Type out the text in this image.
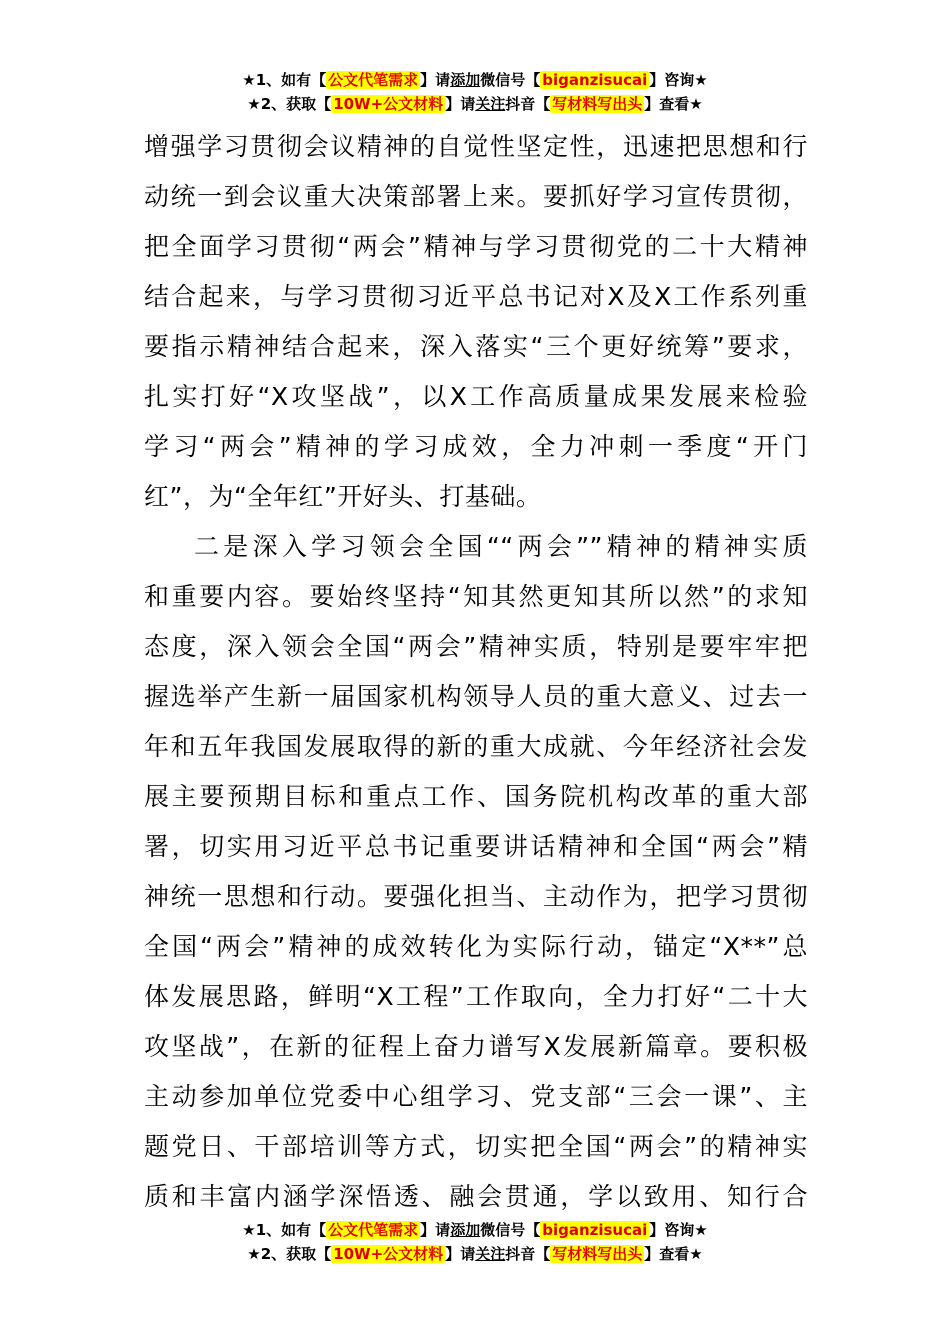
★1、如有【 公文代笔需求 】请添加微信号【 biganzisucai 】咨询★
★2、获取【 10W+公文材料 】请关注抖音【 写材料写出头 】查看★
增强学习贯彻会议精神的自觉性坚定性，迅速把思想和行
动统一到会议重大决策部署上来。要抓好学习宣传贯彻，
把全面学习贯彻“两会”精神与学习贯彻党的二十大精神
结合起来，与学习贯彻习近平总书记对X及X工作系列重
要指示精神结合起来，深入落实“三个更好统筹”要求，
扎实打好“X攻坚战”，以X工作高质量成果发展来检验
学习“两会”精神的学习成效，全力冲刺一季度“开门
红”，为“全年红”开好头、打基础。
二是深入学习领会全国““两会””精神的精神实质
和重要内容。要始终坚持“知其然更知其所以然”的求知
态度，深入领会全国“两会”精神实质，特别是要牢牢把
握选举产生新一届国家机构领导人员的重大意义、过去一
年和五年我国发展取得的新的重大成就、今年经济社会发
展主要预期目标和重点工作、国务院机构改革的重大部
署，切实用习近平总书记重要讲话精神和全国“两会”精
神统一思想和行动。要强化担当、主动作为，把学习贯彻
全国“两会”精神的成效转化为实际行动，锚定“X**”总
体发展思路，鲜明“X工程”工作取向，全力打好“二十大
攻坚战”，在新的征程上奋力谱写X发展新篇章。要积极
主动参加单位党委中心组学习、党支部“三会一课”、主
题党日、干部培训等方式，切实把全国“两会”的精神实
质和丰富内涵学深悟透、融会贯通，学以致用、知行合
★1、如有【 公文代笔需求 】请添加微信号【 biganzisucai 】咨询★
★2、获取【 10W+公文材料 】请关注抖音【 写材料写出头 】查看★
